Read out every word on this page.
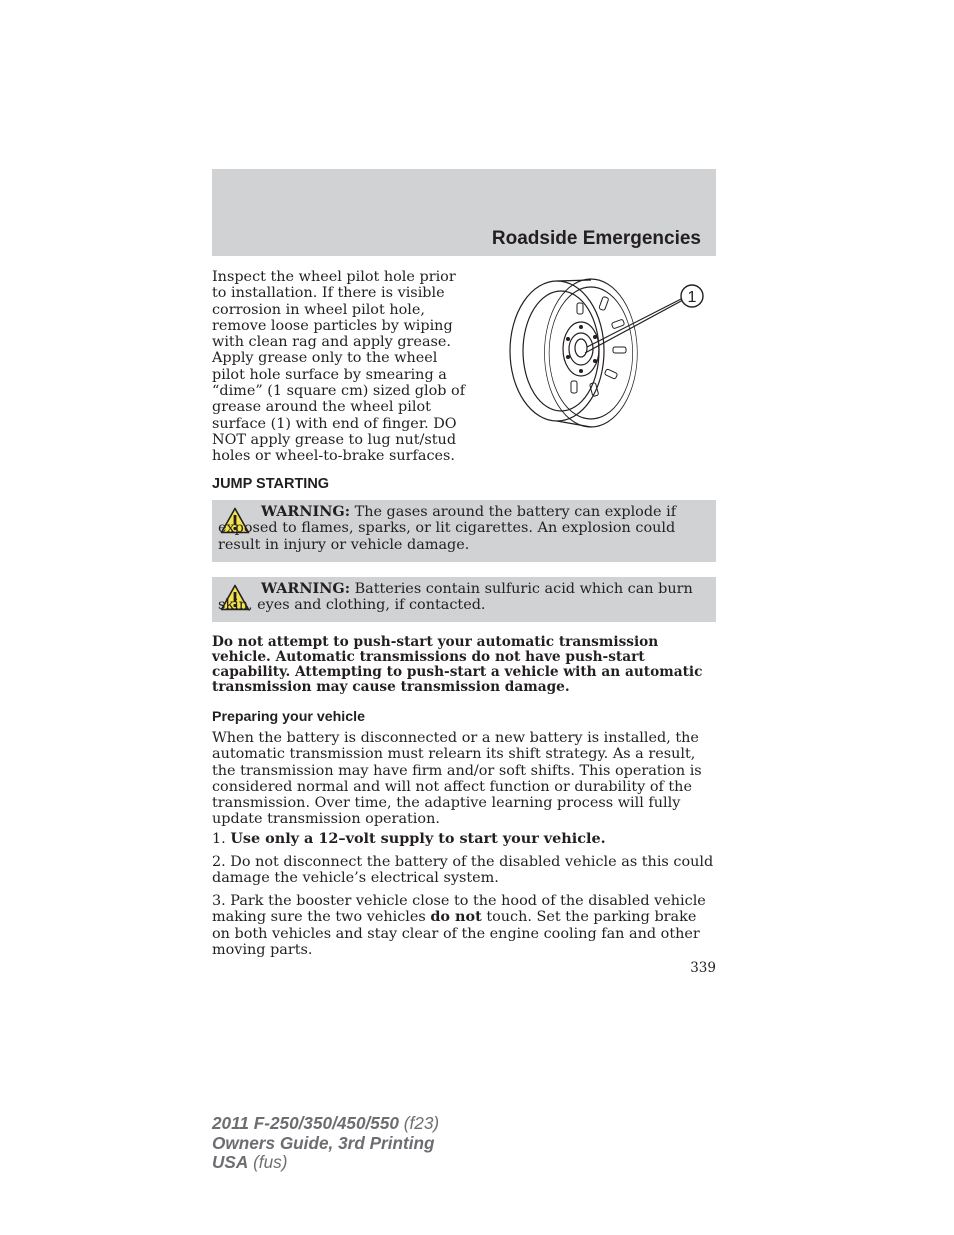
Roadside Emergencies
Inspect the wheel pilot hole prior to installation. If there is visible corrosion in wheel pilot hole, remove loose particles by wiping with clean rag and apply grease. Apply grease only to the wheel pilot hole surface by smearing a “dime” (1 square cm) sized glob of grease around the wheel pilot surface (1) with end of finger. DO NOT apply grease to lug nut/stud holes or wheel-to-brake surfaces.
1
JUMP STARTING
WARNING: The gases around the battery can explode if exposed to flames, sparks, or lit cigarettes. An explosion could result in injury or vehicle damage.
WARNING: Batteries contain sulfuric acid which can burn skin, eyes and clothing, if contacted.
Do not attempt to push-start your automatic transmission vehicle. Automatic transmissions do not have push-start capability. Attempting to push-start a vehicle with an automatic transmission may cause transmission damage.
Preparing your vehicle
When the battery is disconnected or a new battery is installed, the automatic transmission must relearn its shift strategy. As a result, the transmission may have firm and/or soft shifts. This operation is considered normal and will not affect function or durability of the transmission. Over time, the adaptive learning process will fully update transmission operation.
1. Use only a 12–volt supply to start your vehicle.
2. Do not disconnect the battery of the disabled vehicle as this could damage the vehicle’s electrical system.
3. Park the booster vehicle close to the hood of the disabled vehicle making sure the two vehicles do not touch. Set the parking brake on both vehicles and stay clear of the engine cooling fan and other moving parts.
339
2011 F-250/350/450/550 (f23)
Owners Guide, 3rd Printing
USA (fus)
